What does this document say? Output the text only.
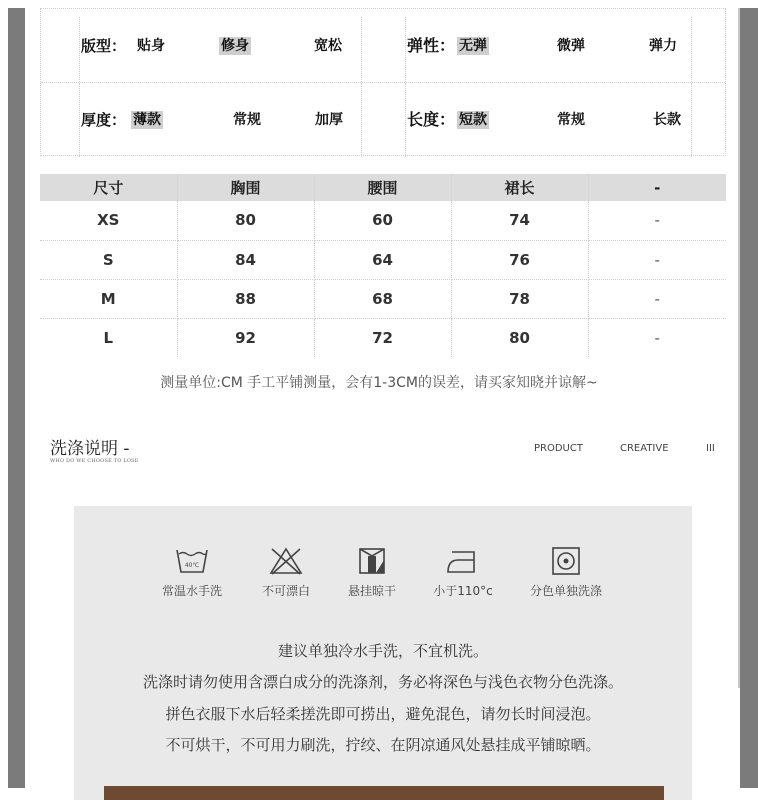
版型： 贴身	修身	宽松	弹性： 无弹	微弹	弹力
厚度： 薄款	常规	加厚	长度： 短款	常规	长款
尺寸	胸围	腰围	裙长	-
XS	80	60	74	-
S	84	64	76	-
M	88	68	78	-
L	92	72	80	-
测量单位:CM 手工平铺测量，会有1-3CM的误差，请买家知晓并谅解~
洗涤说明 -
WHO DO WE CHOOSE TO LOSE
PRODUCT	CREATIVE	III
40℃
常温水手洗	不可漂白	悬挂晾干	小于110°c	分色单独洗涤
建议单独冷水手洗，不宜机洗。
洗涤时请勿使用含漂白成分的洗涤剂，务必将深色与浅色衣物分色洗涤。
拼色衣服下水后轻柔搓洗即可捞出，避免混色，请勿长时间浸泡。
不可烘干，不可用力刷洗，拧绞、在阴凉通风处悬挂成平铺晾晒。
